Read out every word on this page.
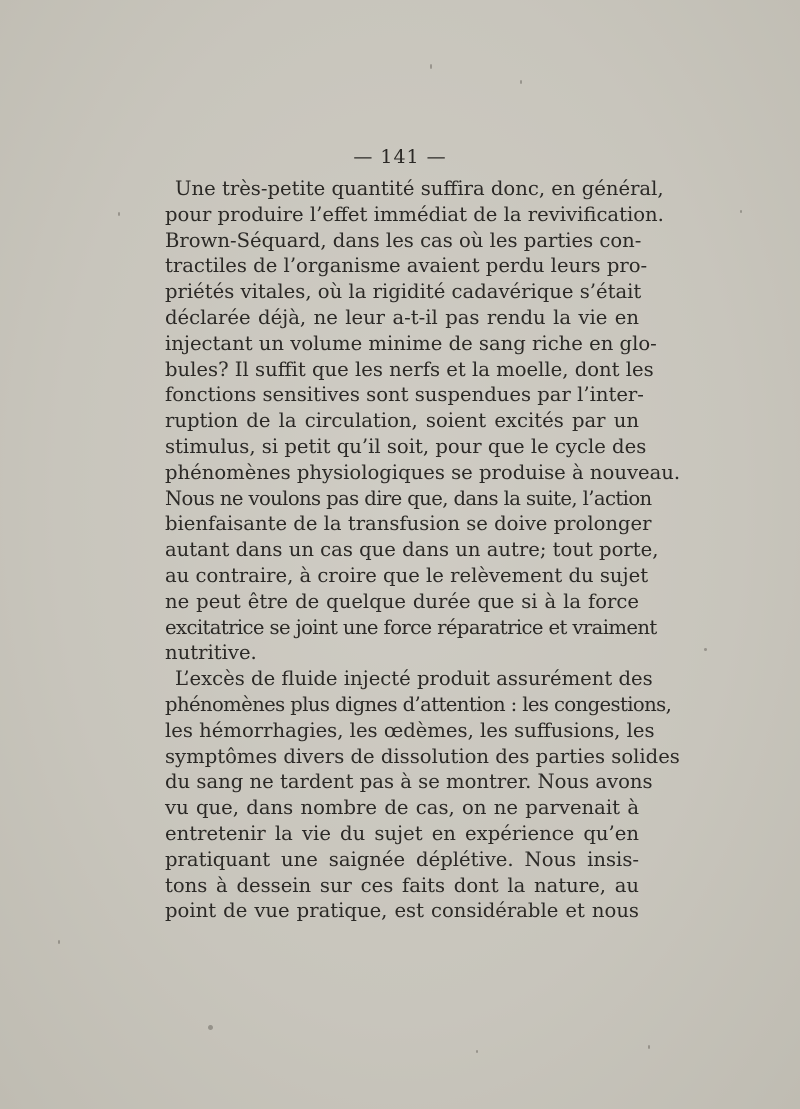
— 141 —
Une très-petite quantité suffira donc, en général,
pour produire l’effet immédiat de la revivification.
Brown-Séquard, dans les cas où les parties con-
tractiles de l’organisme avaient perdu leurs pro-
priétés vitales, où la rigidité cadavérique s’était
déclarée déjà, ne leur a-t-il pas rendu la vie en
injectant un volume minime de sang riche en glo-
bules? Il suffit que les nerfs et la moelle, dont les
fonctions sensitives sont suspendues par l’inter-
ruption de la circulation, soient excités par un
stimulus, si petit qu’il soit, pour que le cycle des
phénomènes physiologiques se produise à nouveau.
Nous ne voulons pas dire que, dans la suite, l’action
bienfaisante de la transfusion se doive prolonger
autant dans un cas que dans un autre; tout porte,
au contraire, à croire que le relèvement du sujet
ne peut être de quelque durée que si à la force
excitatrice se joint une force réparatrice et vraiment
nutritive.
L’excès de fluide injecté produit assurément des
phénomènes plus dignes d’attention : les congestions,
les hémorrhagies, les œdèmes, les suffusions, les
symptômes divers de dissolution des parties solides
du sang ne tardent pas à se montrer. Nous avons
vu que, dans nombre de cas, on ne parvenait à
entretenir la vie du sujet en expérience qu’en
pratiquant une saignée déplétive. Nous insis-
tons à dessein sur ces faits dont la nature, au
point de vue pratique, est considérable et nous
